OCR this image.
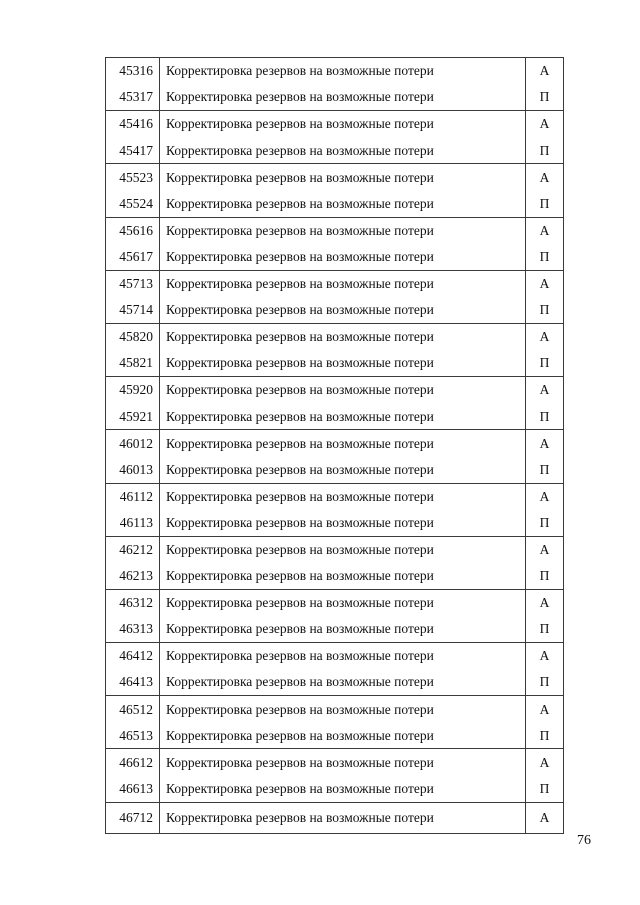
45316	Корректировка резервов на возможные потери	А
45317	Корректировка резервов на возможные потери	П
45416	Корректировка резервов на возможные потери	А
45417	Корректировка резервов на возможные потери	П
45523	Корректировка резервов на возможные потери	А
45524	Корректировка резервов на возможные потери	П
45616	Корректировка резервов на возможные потери	А
45617	Корректировка резервов на возможные потери	П
45713	Корректировка резервов на возможные потери	А
45714	Корректировка резервов на возможные потери	П
45820	Корректировка резервов на возможные потери	А
45821	Корректировка резервов на возможные потери	П
45920	Корректировка резервов на возможные потери	А
45921	Корректировка резервов на возможные потери	П
46012	Корректировка резервов на возможные потери	А
46013	Корректировка резервов на возможные потери	П
46112	Корректировка резервов на возможные потери	А
46113	Корректировка резервов на возможные потери	П
46212	Корректировка резервов на возможные потери	А
46213	Корректировка резервов на возможные потери	П
46312	Корректировка резервов на возможные потери	А
46313	Корректировка резервов на возможные потери	П
46412	Корректировка резервов на возможные потери	А
46413	Корректировка резервов на возможные потери	П
46512	Корректировка резервов на возможные потери	А
46513	Корректировка резервов на возможные потери	П
46612	Корректировка резервов на возможные потери	А
46613	Корректировка резервов на возможные потери	П
46712	Корректировка резервов на возможные потери	А
76
